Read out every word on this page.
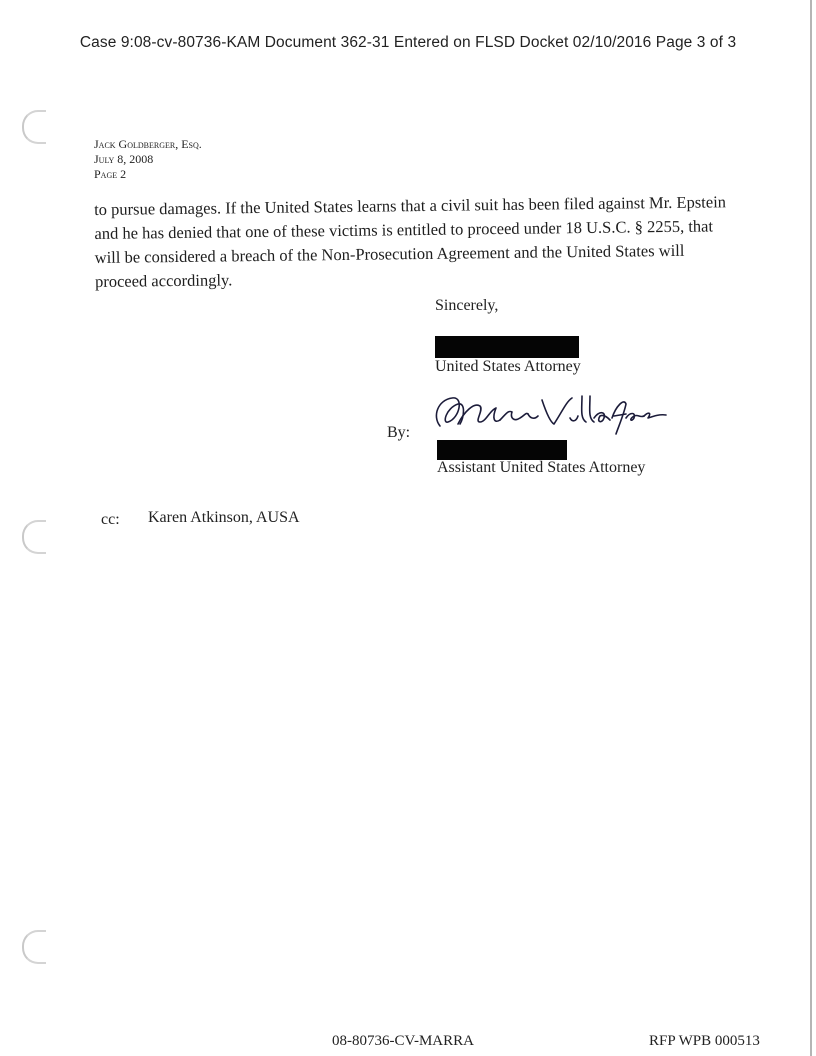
Case 9:08-cv-80736-KAM Document 362-31 Entered on FLSD Docket 02/10/2016 Page 3 of 3
Jack Goldberger, Esq.
July 8, 2008
Page 2
to pursue damages. If the United States learns that a civil suit has been filed against Mr. Epstein and he has denied that one of these victims is entitled to proceed under 18 U.S.C. § 2255, that will be considered a breach of the Non-Prosecution Agreement and the United States will proceed accordingly.
Sincerely,
United States Attorney
By:
Assistant United States Attorney
cc: Karen Atkinson, AUSA
08-80736-CV-MARRA	RFP WPB 000513
